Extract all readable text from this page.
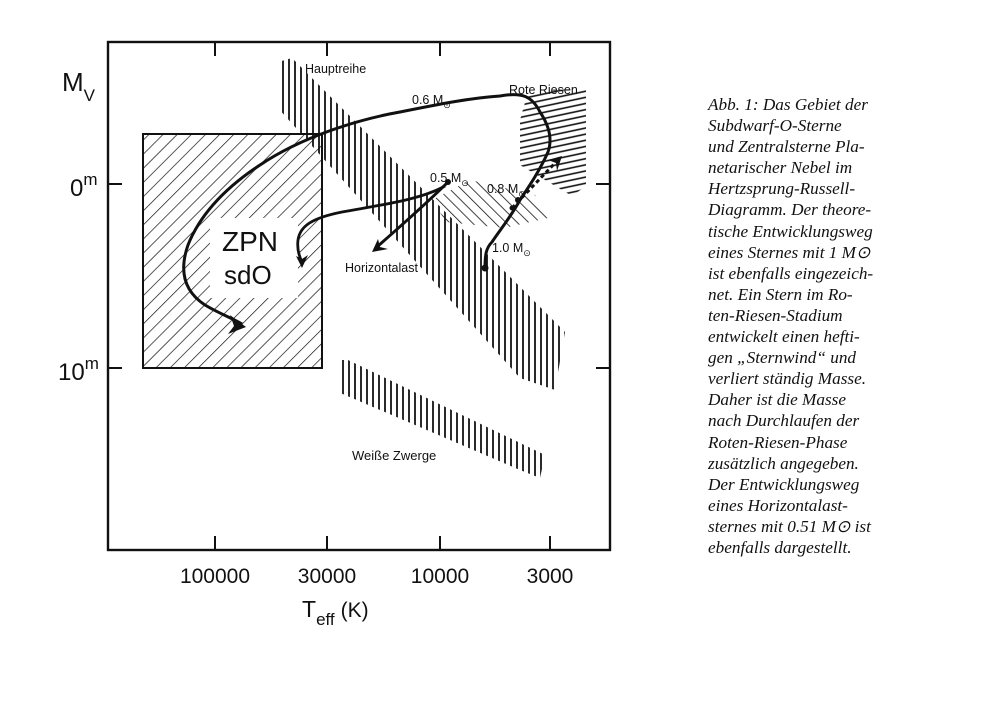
$M_V$
0$^m$
10$^m$
100000 30000	10000	3000
$T_{eff}$ (K)
Hauptreihe
Rote Riesen
Horizontalast
Weiße Zwerge
ZPN
sdO
0.6 $M_⊙$
0.5 $M_⊙$ 0.8 $M_⊙$
1.0 $M_⊙$
Abb. 1: Das Gebiet der
Subdwarf-O-Sterne
und Zentralsterne Pla-
netarischer Nebel im
Hertzsprung-Russell-
Diagramm. Der theore-
tische Entwicklungsweg
eines Sternes mit 1 M⊙
ist ebenfalls eingezeich-
net. Ein Stern im Ro-
ten-Riesen-Stadium
entwickelt einen hefti-
gen „Sternwind“ und
verliert ständig Masse.
Daher ist die Masse
nach Durchlaufen der
Roten-Riesen-Phase
zusätzlich angegeben.
Der Entwicklungsweg
eines Horizontalast-
sternes mit 0.51 M⊙ ist
ebenfalls dargestellt.
